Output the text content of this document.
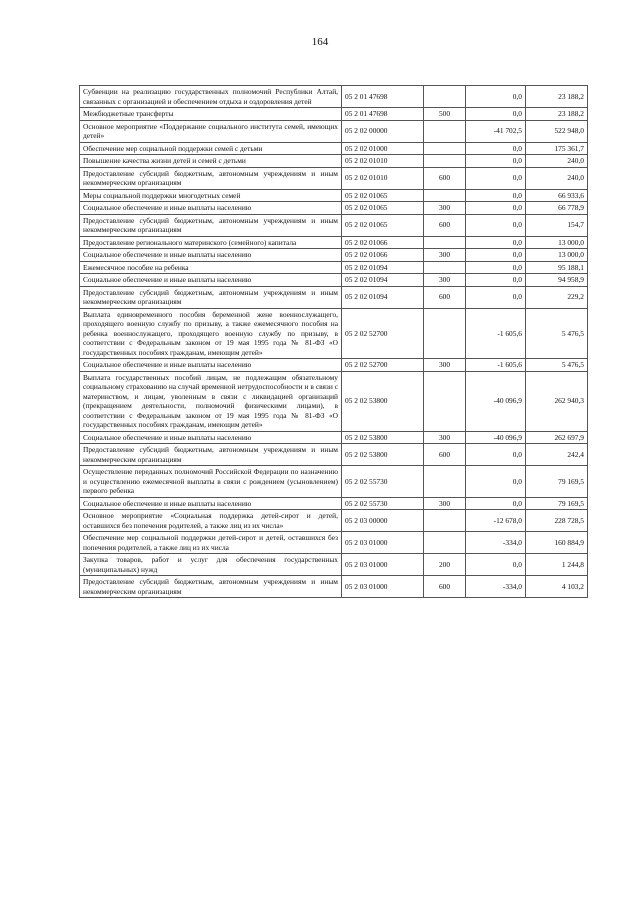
164
Субвенции на реализацию государственных полномочий Республики Алтай, связанных с организацией и обеспечением отдыха и оздоровления детей	05 2 01 47698		0,0	23 188,2
Межбюджетные трансферты	05 2 01 47698	500	0,0	23 188,2
Основное мероприятие «Поддержание социального института семей, имеющих детей»	05 2 02 00000		-41 702,5	522 948,0
Обеспечение мер социальной поддержки семей с детьми	05 2 02 01000		0,0	175 361,7
Повышение качества жизни детей и семей с детьми	05 2 02 01010		0,0	240,0
Предоставление субсидий бюджетным, автономным учреждениям и иным некоммерческим организациям	05 2 02 01010	600	0,0	240,0
Меры социальной поддержки многодетных семей	05 2 02 01065		0,0	66 933,6
Социальное обеспечение и иные выплаты населению	05 2 02 01065	300	0,0	66 778,9
Предоставление субсидий бюджетным, автономным учреждениям и иным некоммерческим организациям	05 2 02 01065	600	0,0	154,7
Предоставление регионального материнского (семейного) капитала	05 2 02 01066		0,0	13 000,0
Социальное обеспечение и иные выплаты населению	05 2 02 01066	300	0,0	13 000,0
Ежемесячное пособие на ребенка	05 2 02 01094		0,0	95 188,1
Социальное обеспечение и иные выплаты населению	05 2 02 01094	300	0,0	94 958,9
Предоставление субсидий бюджетным, автономным учреждениям и иным некоммерческим организациям	05 2 02 01094	600	0,0	229,2
Выплата единовременного пособия беременной жене военнослужащего, проходящего военную службу по призыву, а также ежемесячного пособия на ребенка военнослужащего, проходящего военную службу по призыву, в соответствии с Федеральным законом от 19 мая 1995 года № 81-ФЗ «О государственных пособиях гражданам, имеющим детей»	05 2 02 52700		-1 605,6	5 476,5
Социальное обеспечение и иные выплаты населению	05 2 02 52700	300	-1 605,6	5 476,5
Выплата государственных пособий лицам, не подлежащим обязательному социальному страхованию на случай временной нетрудоспособности и в связи с материнством, и лицам, уволенным в связи с ликвидацией организаций (прекращением деятельности, полномочий физическими лицами), в соответствии с Федеральным законом от 19 мая 1995 года № 81-ФЗ «О государственных пособиях гражданам, имеющим детей»	05 2 02 53800		-40 096,9	262 940,3
Социальное обеспечение и иные выплаты населению	05 2 02 53800	300	-40 096,9	262 697,9
Предоставление субсидий бюджетным, автономным учреждениям и иным некоммерческим организациям	05 2 02 53800	600	0,0	242,4
Осуществление переданных полномочий Российской Федерации по назначению и осуществлению ежемесячной выплаты в связи с рождением (усыновлением) первого ребенка	05 2 02 55730		0,0	79 169,5
Социальное обеспечение и иные выплаты населению	05 2 02 55730	300	0,0	79 169,5
Основное мероприятие «Социальная поддержка детей-сирот и детей, оставшихся без попечения родителей, а также лиц из их числа»	05 2 03 00000		-12 678,0	228 728,5
Обеспечение мер социальной поддержки детей-сирот и детей, оставшихся без попечения родителей, а также лиц из их числа	05 2 03 01000		-334,0	160 884,9
Закупка товаров, работ и услуг для обеспечения государственных (муниципальных) нужд	05 2 03 01000	200	0,0	1 244,8
Предоставление субсидий бюджетным, автономным учреждениям и иным некоммерческим организациям	05 2 03 01000	600	-334,0	4 103,2
